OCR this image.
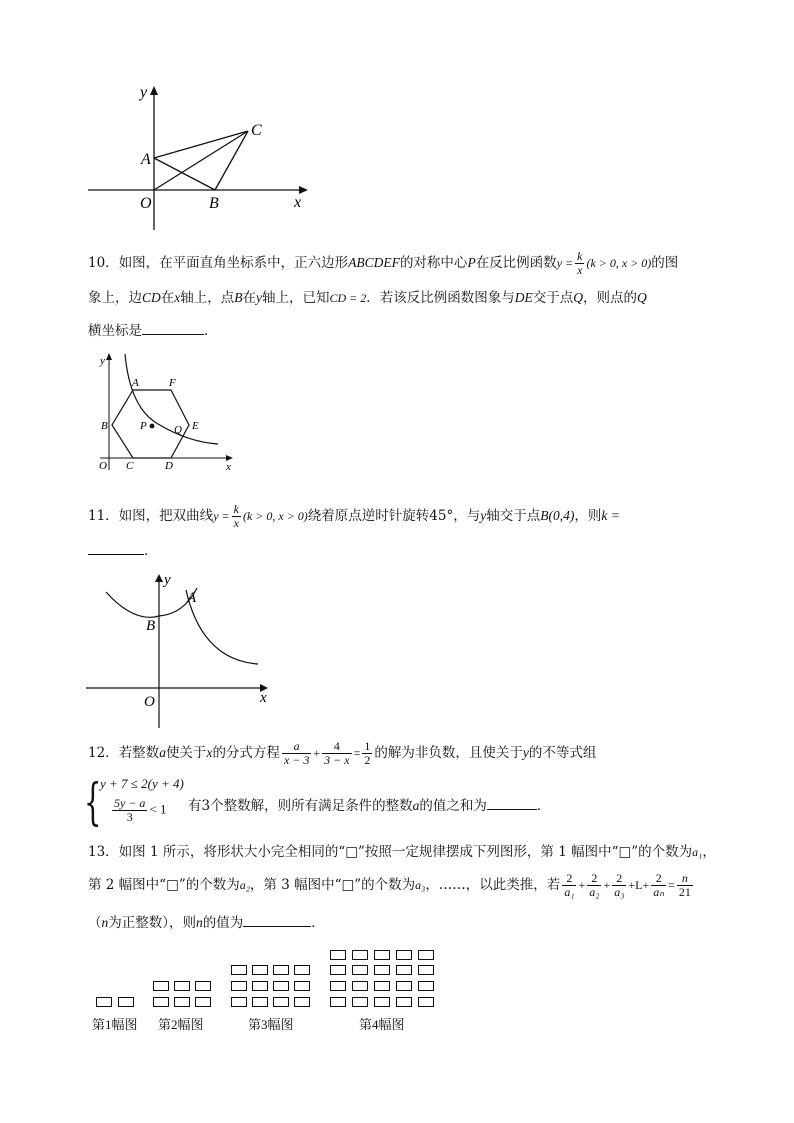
y
x
A
C
O	B
10．如图，在平面直角坐标系中，正六边形ABCDEF的对称中心P在反比例函数$y = \frac{k}{x} (k > 0$, x > 0)的图
象上，边CD在x轴上，点B在y轴上，已知CD = 2．若该反比例函数图象与DE交于点Q，则点的Q
横坐标是	．
y
A	F
B	P Q E
O C	D	x
11．如图，把双曲线$y = \frac{k}{x} (k > 0$, x > 0)绕着原点逆时针旋转45°，与y轴交于点B(0,4)，则k =
．
y
A
B
O	x
12．若整数a使关于x的分式方程 $\frac{a}{x - 3} + \frac{4}{3 - x} = \frac{1}{2}$ 的解为非负数，且使关于y的不等式组
{
y + 7 ≤ 2(y + 4)
$\frac{5y - a}{3} < 1$ 有3个整数解，则所有满足条件的整数a的值之和为	．
13．如图 1 所示，将形状大小完全相同的“□”按照一定规律摆成下列图形，第 1 幅图中“□”的个数为a₁，
第 2 幅图中“□”的个数为a₂，第 3 幅图中“□”的个数为a₃，……，以此类推，若 $\frac{2}{\text{a₁}} + \frac{2}{\text{a₂}} + \frac{2}{\text{a₃}} +L+ \frac{2}{\text{aₙ}} = \frac{n}{21}$
（n为正整数），则n的值为	．
第1幅图 第2幅图	第3幅图	第4幅图
